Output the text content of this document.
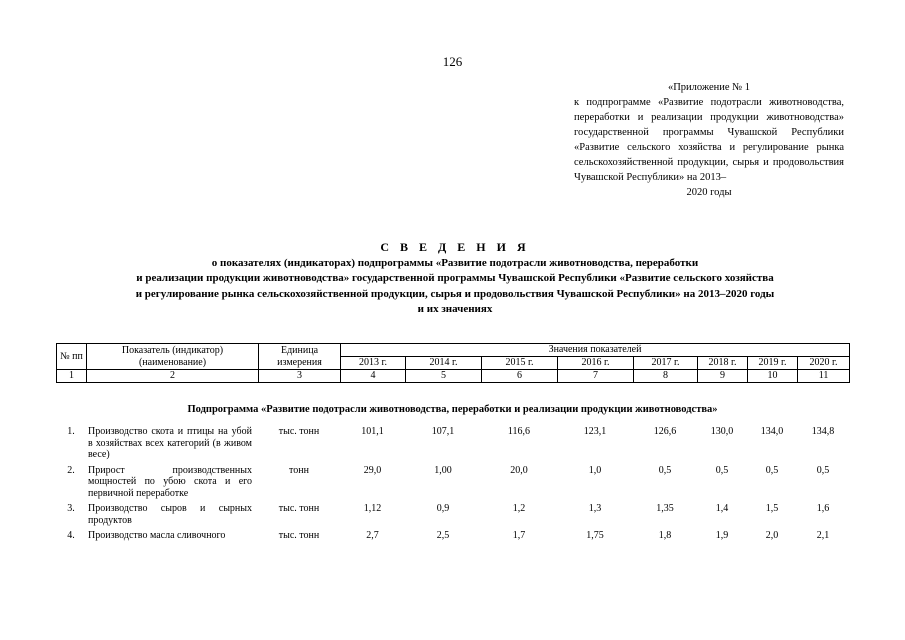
126
«Приложение № 1
к подпрограмме «Развитие подотрасли животноводства, переработки и реализации продукции животноводства» государственной программы Чувашской Республики «Развитие сельского хозяйства и регулирование рынка сельскохозяйственной продукции, сырья и продовольствия Чувашской Республики» на 2013–
2020 годы
С В Е Д Е Н И Я
о показателях (индикаторах) подпрограммы «Развитие подотрасли животноводства, переработки
и реализации продукции животноводства» государственной программы Чувашской Республики «Развитие сельского хозяйства
и регулирование рынка сельскохозяйственной продукции, сырья и продовольствия Чувашской Республики» на 2013–2020 годы
и их значениях
№ пп	Показатель (индикатор) (наименование)	Единица измерения	Значения показателей							
			2013 г.	2014 г.	2015 г.	2016 г.	2017 г.	2018 г.	2019 г.	2020 г.
1	2	3	4	5	6	7	8	9	10	11
Подпрограмма «Развитие подотрасли животноводства, переработки и реализации продукции животноводства»
1.	Производство скота и птицы на убой в хозяйствах всех категорий (в живом весе)	тыс. тонн	101,1	107,1	116,6	123,1	126,6	130,0	134,0	134,8
2.	Прирост производственных мощностей по убою скота и его первичной переработке	тонн	29,0	1,00	20,0	1,0	0,5	0,5	0,5	0,5
3.	Производство сыров и сырных продуктов	тыс. тонн	1,12	0,9	1,2	1,3	1,35	1,4	1,5	1,6
4.	Производство масла сливочного	тыс. тонн	2,7	2,5	1,7	1,75	1,8	1,9	2,0	2,1
